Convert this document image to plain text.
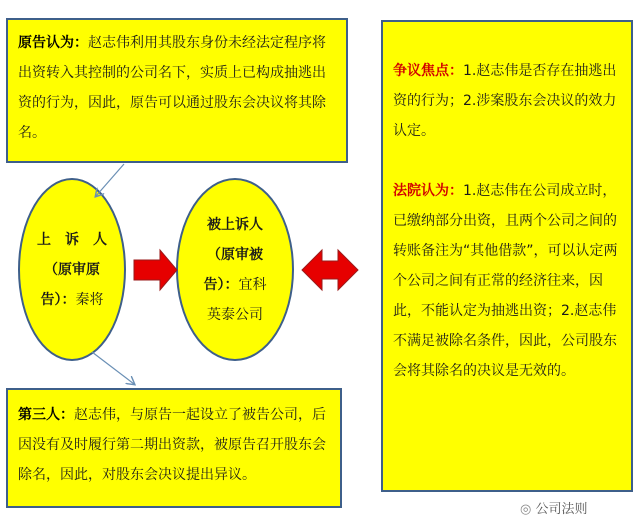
原告认为：赵志伟利用其股东身份未经法定程序将出资转入其控制的公司名下，实质上已构成抽逃出资的行为，因此，原告可以通过股东会决议将其除名。
上　诉　人
（原审原
告）：秦将
被上诉人
（原审被
告）：宜科
英泰公司
第三人：赵志伟，与原告一起设立了被告公司，后因没有及时履行第二期出资款，被原告召开股东会除名，因此，对股东会决议提出异议。
争议焦点：1.赵志伟是否存在抽逃出资的行为；2.涉案股东会决议的效力认定。
法院认为：1.赵志伟在公司成立时，已缴纳部分出资，且两个公司之间的转账备注为“其他借款”，可以认定两个公司之间有正常的经济往来，因此，不能认定为抽逃出资；2.赵志伟不满足被除名条件，因此，公司股东会将其除名的决议是无效的。
◎ 公司法则
